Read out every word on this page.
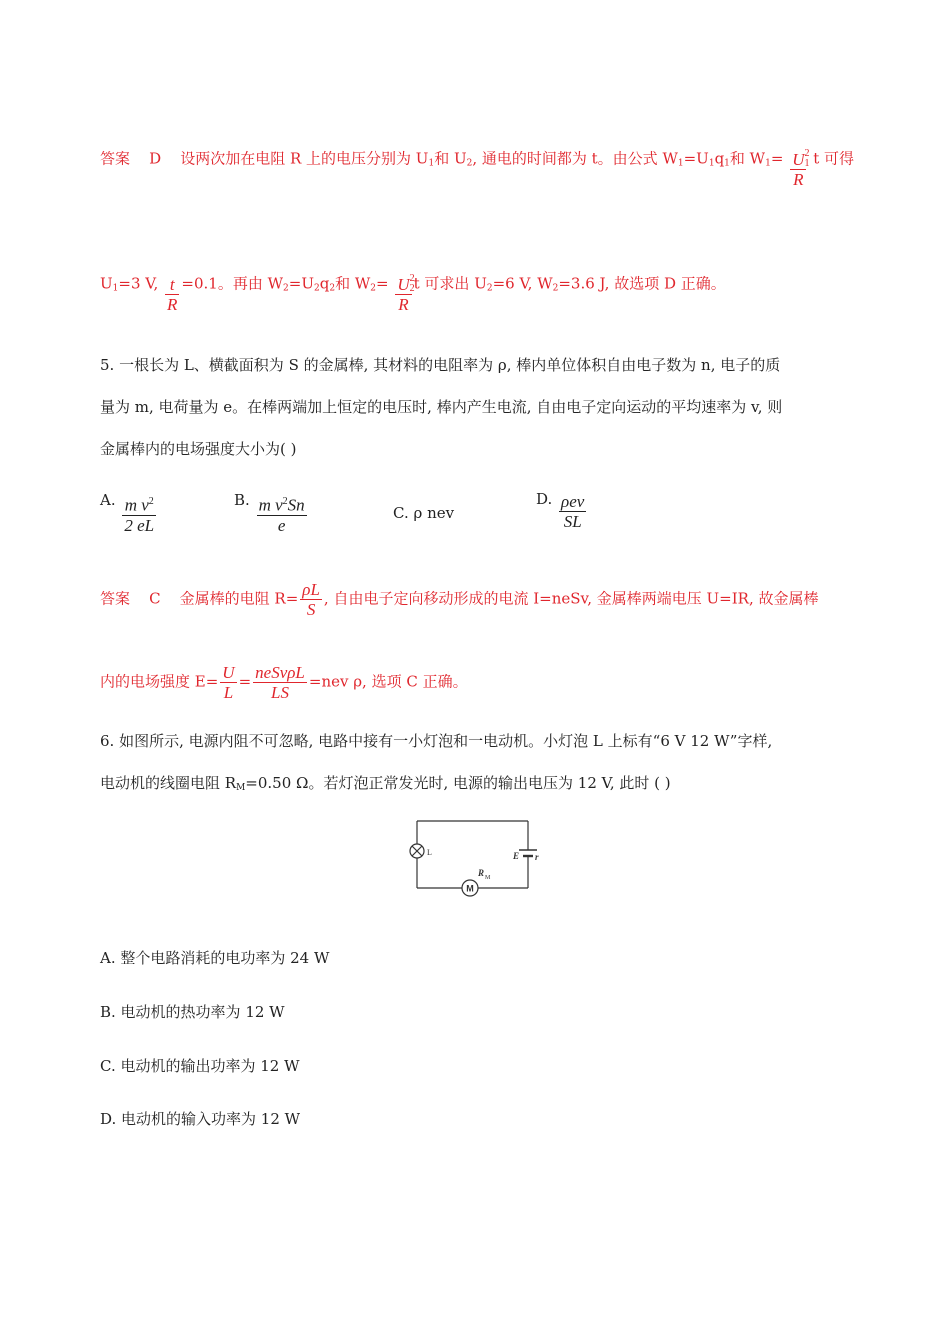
答案 D 设两次加在电阻 R 上的电压分别为 U1和 U2, 通电的时间都为 t。由公式 W1=U1q1和 W1= U 2
1
R t 可得
U1=3 V, $\frac{t}{R} =0.1$。再由 W2=U2q2和 W2= U 2
2
R t 可求出 U2=6 V, W2=3.6 J, 故选项 D 正确。
5. 一根长为 L、横截面积为 S 的金属棒, 其材料的电阻率为 ρ, 棒内单位体积自由电子数为 n, 电子的质
量为 m, 电荷量为 e。在棒两端加上恒定的电压时, 棒内产生电流, 自由电子定向运动的平均速率为 v, 则
金属棒内的电场强度大小为( )
A. $\frac{m v^2}{2 eL}$	B. $\frac{m v^2Sn}{e}$	C. ρ nev
D. $\frac{\text{ρev}}{SL}$
答案 C 金属棒的电阻 $R= \frac{\rho L}{S}$ , 自由电子定向移动形成的电流 I=neSv, 金属棒两端电压 U=IR, 故金属棒
内的电场强度 $E= \frac{U}{L} = \frac{\text{neSvρL}}{LS} =nev$ ρ, 选项 C 正确。
6. 如图所示, 电源内阻不可忽略, 电路中接有一小灯泡和一电动机。小灯泡 L 上标有“6 V 12 W”字样,
电动机的线圈电阻 RM=0.50 Ω。若灯泡正常发光时, 电源的输出电压为 12 V, 此时 ( )
M
L	E r
R M
A. 整个电路消耗的电功率为 24 W
B. 电动机的热功率为 12 W
C. 电动机的输出功率为 12 W
D. 电动机的输入功率为 12 W
